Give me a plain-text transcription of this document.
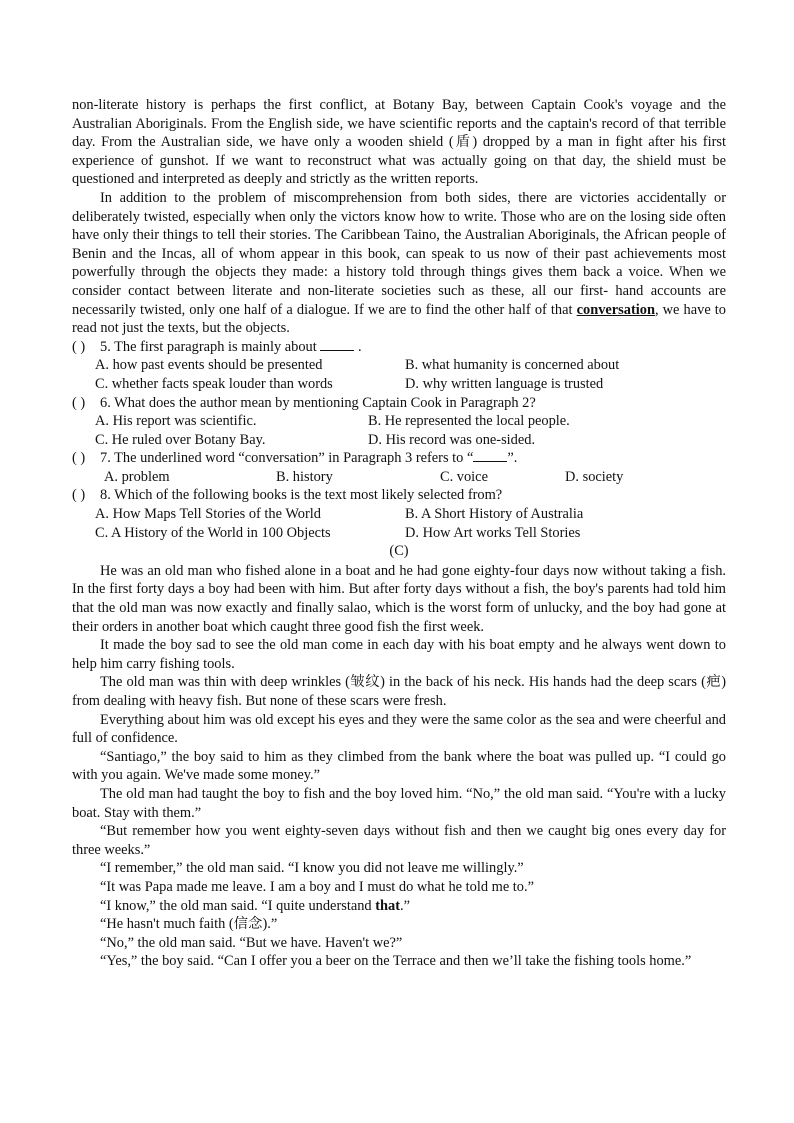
non-literate history is perhaps the first conflict, at Botany Bay, between Captain Cook's voyage and the Australian Aboriginals. From the English side, we have scientific reports and the captain's record of that terrible day. From the Australian side, we have only a wooden shield (盾) dropped by a man in fight after his first experience of gunshot. If we want to reconstruct what was actually going on that day, the shield must be questioned and interpreted as deeply and strictly as the written reports.
In addition to the problem of miscomprehension from both sides, there are victories accidentally or deliberately twisted, especially when only the victors know how to write. Those who are on the losing side often have only their things to tell their stories. The Caribbean Taino, the Australian Aboriginals, the African people of Benin and the Incas, all of whom appear in this book, can speak to us now of their past achievements most powerfully through the objects they made: a history told through things gives them back a voice. When we consider contact between literate and non-literate societies such as these, all our first- hand accounts are necessarily twisted, only one half of a dialogue. If we are to find the other half of that conversation, we have to read not just the texts, but the objects.
( )	5. The first paragraph is mainly about  .
A. how past events should be presented	B. what humanity is concerned about
C. whether facts speak louder than words	D. why written language is trusted
( )	6. What does the author mean by mentioning Captain Cook in Paragraph 2?
A. His report was scientific.	B. He represented the local people.
C. He ruled over Botany Bay.	D. His record was one-sided.
( )	7. The underlined word “conversation” in Paragraph 3 refers to “ ”.
A. problem	B. history	C. voice	D. society
( )	8. Which of the following books is the text most likely selected from?
A. How Maps Tell Stories of the World	B. A Short History of Australia
C. A History of the World in 100 Objects	D. How Art works Tell Stories
(C)
He was an old man who fished alone in a boat and he had gone eighty-four days now without taking a fish. In the first forty days a boy had been with him. But after forty days without a fish, the boy's parents had told him that the old man was now exactly and finally salao, which is the worst form of unlucky, and the boy had gone at their orders in another boat which caught three good fish the first week.
It made the boy sad to see the old man come in each day with his boat empty and he always went down to help him carry fishing tools.
The old man was thin with deep wrinkles (皱纹) in the back of his neck. His hands had the deep scars (疤) from dealing with heavy fish. But none of these scars were fresh.
Everything about him was old except his eyes and they were the same color as the sea and were cheerful and full of confidence.
“Santiago,” the boy said to him as they climbed from the bank where the boat was pulled up. “I could go with you again. We've made some money.”
The old man had taught the boy to fish and the boy loved him. “No,” the old man said. “You're with a lucky boat. Stay with them.”
“But remember how you went eighty-seven days without fish and then we caught big ones every day for three weeks.”
“I remember,” the old man said. “I know you did not leave me willingly.”
“It was Papa made me leave. I am a boy and I must do what he told me to.”
“I know,” the old man said. “I quite understand that.”
“He hasn't much faith (信念).”
“No,” the old man said. “But we have. Haven't we?”
“Yes,” the boy said. “Can I offer you a beer on the Terrace and then we’ll take the fishing tools home.”
